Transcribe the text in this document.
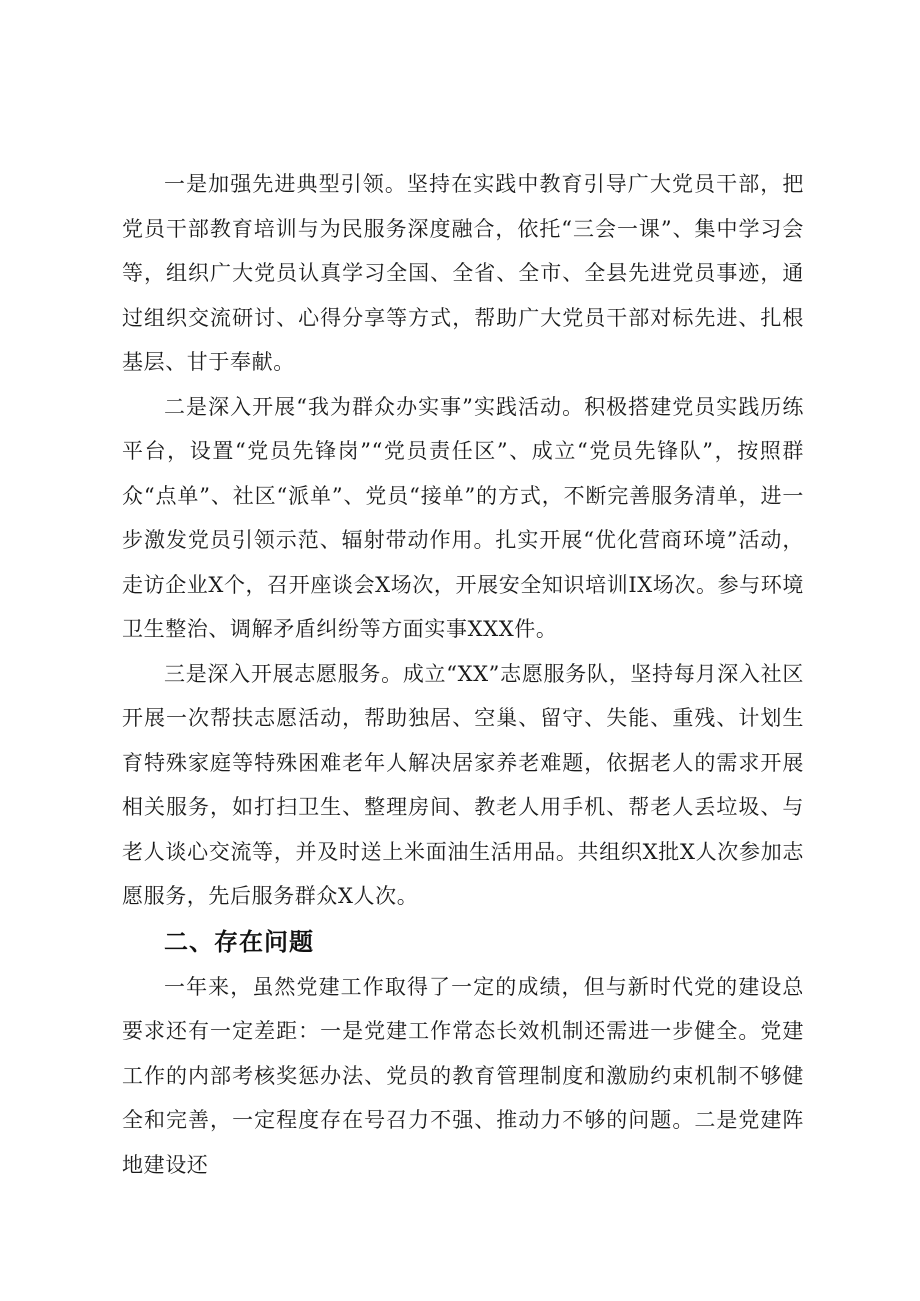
一是加强先进典型引领。坚持在实践中教育引导广大党员干部，把党员干部教育培训与为民服务深度融合，依托“三会一课”、集中学习会等，组织广大党员认真学习全国、全省、全市、全县先进党员事迹，通过组织交流研讨、心得分享等方式，帮助广大党员干部对标先进、扎根基层、甘于奉献。

二是深入开展“我为群众办实事”实践活动。积极搭建党员实践历练平台，设置“党员先锋岗”“党员责任区”、成立“党员先锋队”，按照群众“点单”、社区“派单”、党员“接单”的方式，不断完善服务清单，进一步激发党员引领示范、辐射带动作用。扎实开展“优化营商环境”活动，走访企业X个，召开座谈会X场次，开展安全知识培训IX场次。参与环境卫生整治、调解矛盾纠纷等方面实事XXX件。

三是深入开展志愿服务。成立“XX”志愿服务队，坚持每月深入社区开展一次帮扶志愿活动，帮助独居、空巢、留守、失能、重残、计划生育特殊家庭等特殊困难老年人解决居家养老难题，依据老人的需求开展相关服务，如打扫卫生、整理房间、教老人用手机、帮老人丢垃圾、与老人谈心交流等，并及时送上米面油生活用品。共组织X批X人次参加志愿服务，先后服务群众X人次。

二、存在问题

一年来，虽然党建工作取得了一定的成绩，但与新时代党的建设总要求还有一定差距：一是党建工作常态长效机制还需进一步健全。党建工作的内部考核奖惩办法、党员的教育管理制度和激励约束机制不够健全和完善，一定程度存在号召力不强、推动力不够的问题。二是党建阵地建设还
